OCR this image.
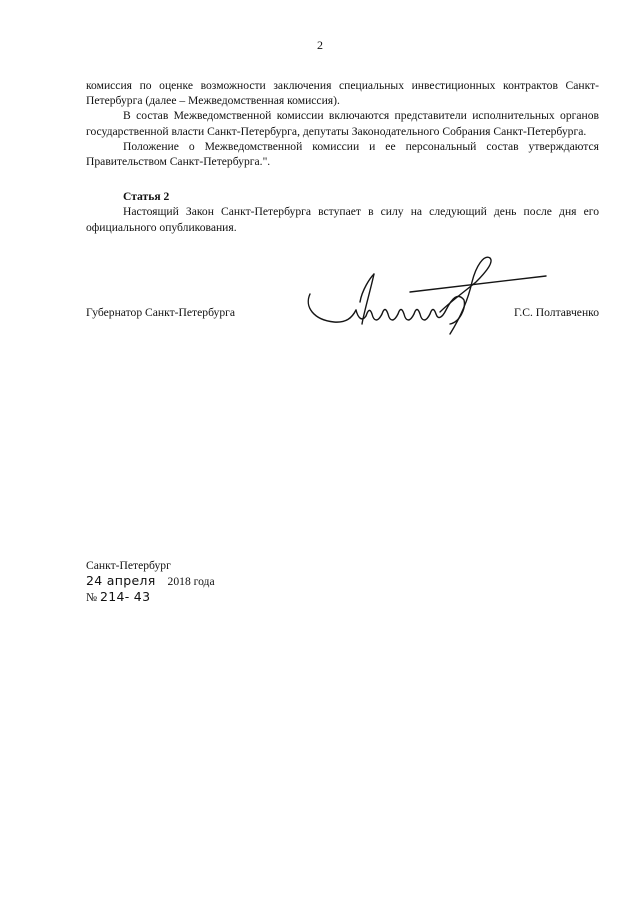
2

комиссия по оценке возможности заключения специальных инвестиционных контрактов Санкт-Петербурга (далее – Межведомственная комиссия).

В состав Межведомственной комиссии включаются представители исполнительных органов государственной власти Санкт-Петербурга, депутаты Законодательного Собрания Санкт-Петербурга.

Положение о Межведомственной комиссии и ее персональный состав утверждаются Правительством Санкт-Петербурга.".

Статья 2

Настоящий Закон Санкт-Петербурга вступает в силу на следующий день после дня его официального опубликования.

Губернатор Санкт-Петербурга	Г.С. Полтавченко
Санкт-Петербург
24 апреля 2018 года
№ 214- 43
